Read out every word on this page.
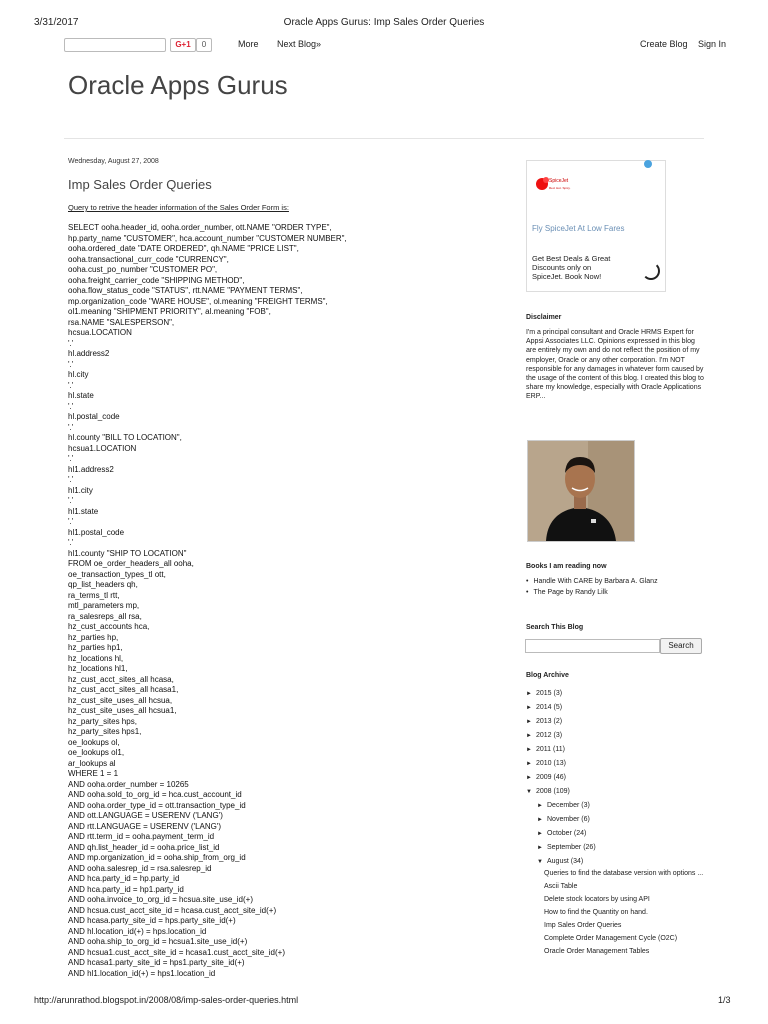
3/31/2017	Oracle Apps Gurus: Imp Sales Order Queries
G+1	0	More Next Blog»	Create Blog Sign In
Oracle Apps Gurus
Wednesday, August 27, 2008
Imp Sales Order Queries
Query to retrive the header information of the Sales Order Form is:
SELECT ooha.header_id, ooha.order_number, ott.NAME "ORDER TYPE",
hp.party_name "CUSTOMER", hca.account_number "CUSTOMER NUMBER",
ooha.ordered_date "DATE ORDERED", qh.NAME "PRICE LIST",
ooha.transactional_curr_code "CURRENCY",
ooha.cust_po_number "CUSTOMER PO",
ooha.freight_carrier_code "SHIPPING METHOD",
ooha.flow_status_code "STATUS", rtt.NAME "PAYMENT TERMS",
mp.organization_code "WARE HOUSE", ol.meaning "FREIGHT TERMS",
ol1.meaning "SHIPMENT PRIORITY", al.meaning "FOB",
rsa.NAME "SALESPERSON",
hcsua.LOCATION
'.'
hl.address2
'.'
hl.city
'.'
hl.state
'.'
hl.postal_code
'.'
hl.county "BILL TO LOCATION",
hcsua1.LOCATION
'.'
hl1.address2
'.'
hl1.city
'.'
hl1.state
'.'
hl1.postal_code
'.'
hl1.county "SHIP TO LOCATION"
FROM oe_order_headers_all ooha,
oe_transaction_types_tl ott,
qp_list_headers qh,
ra_terms_tl rtt,
mtl_parameters mp,
ra_salesreps_all rsa,
hz_cust_accounts hca,
hz_parties hp,
hz_parties hp1,
hz_locations hl,
hz_locations hl1,
hz_cust_acct_sites_all hcasa,
hz_cust_acct_sites_all hcasa1,
hz_cust_site_uses_all hcsua,
hz_cust_site_uses_all hcsua1,
hz_party_sites hps,
hz_party_sites hps1,
oe_lookups ol,
oe_lookups ol1,
ar_lookups al
WHERE 1 = 1
AND ooha.order_number = 10265
AND ooha.sold_to_org_id = hca.cust_account_id
AND ooha.order_type_id = ott.transaction_type_id
AND ott.LANGUAGE = USERENV ('LANG')
AND rtt.LANGUAGE = USERENV ('LANG')
AND rtt.term_id = ooha.payment_term_id
AND qh.list_header_id = ooha.price_list_id
AND mp.organization_id = ooha.ship_from_org_id
AND ooha.salesrep_id = rsa.salesrep_id
AND hca.party_id = hp.party_id
AND hca.party_id = hp1.party_id
AND ooha.invoice_to_org_id = hcsua.site_use_id(+)
AND hcsua.cust_acct_site_id = hcasa.cust_acct_site_id(+)
AND hcasa.party_site_id = hps.party_site_id(+)
AND hl.location_id(+) = hps.location_id
AND ooha.ship_to_org_id = hcsua1.site_use_id(+)
AND hcsua1.cust_acct_site_id = hcasa1.cust_acct_site_id(+)
AND hcasa1.party_site_id = hps1.party_site_id(+)
AND hl1.location_id(+) = hps1.location_id
SpiceJet
Red. Hot. Spicy.
Fly SpiceJet At Low Fares
Get Best Deals & Great Discounts only on SpiceJet. Book Now!
Disclaimer
I'm a principal consultant and Oracle HRMS Expert for Appsi Associates LLC. Opinions expressed in this blog are entirely my own and do not reflect the position of my employer, Oracle or any other corporation. I'm NOT responsible for any damages in whatever form caused by the usage of the content of this blog. I created this blog to share my knowledge, especially with Oracle Applications ERP...
Books I am reading now
• Handle With CARE by Barbara A. Glanz
• The Page by Randy Lilk
Search This Blog
Search
Blog Archive
► 2015 (3)
► 2014 (5)
► 2013 (2)
► 2012 (3)
► 2011 (11)
► 2010 (13)
► 2009 (46)
▼ 2008 (109)
► December (3)
► November (6)
► October (24)
► September (26)
▼ August (34)
Queries to find the database version with options ...
Ascii Table
Delete stock locators by using API
How to find the Quantity on hand.
Imp Sales Order Queries
Complete Order Management Cycle (O2C)
Oracle Order Management Tables
http://arunrathod.blogspot.in/2008/08/imp-sales-order-queries.html	1/3
